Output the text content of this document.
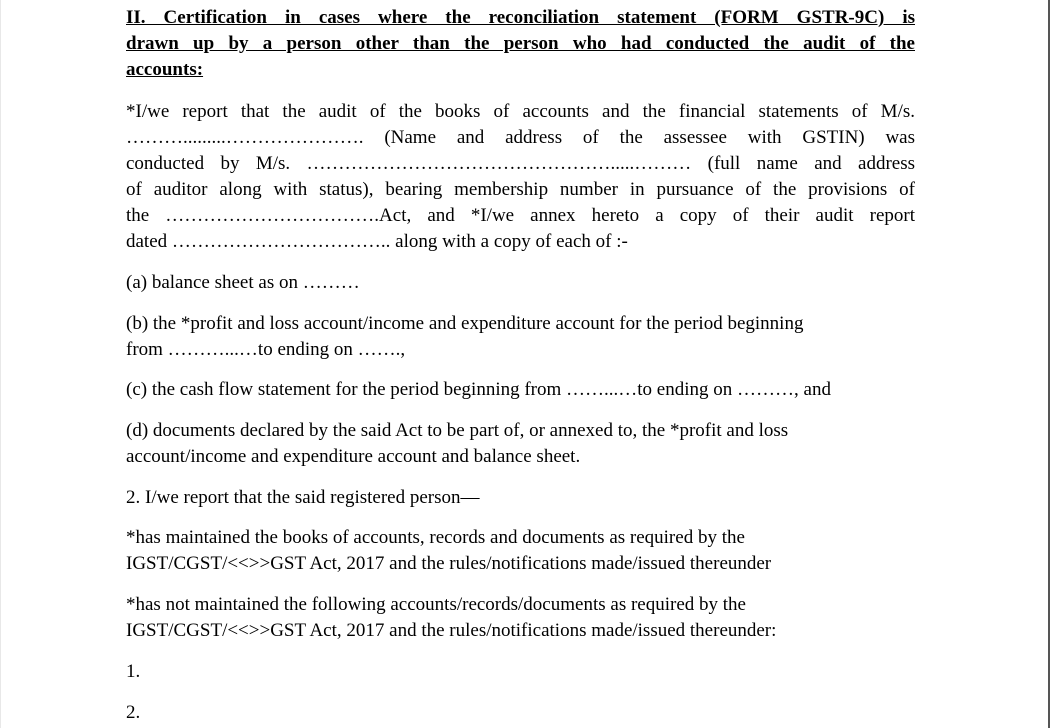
II. Certification in cases where the reconciliation statement (FORM GSTR-9C) is
drawn up by a person other than the person who had conducted the audit of the
accounts:
*I/we report that the audit of the books of accounts and the financial statements of M/s.
……….........…………………. (Name and address of the assessee with GSTIN) was
conducted by M/s. ………………………………………….....……… (full name and address
of auditor along with status), bearing membership number in pursuance of the provisions of
the …………………………….Act, and *I/we annex hereto a copy of their audit report
dated …………………………….. along with a copy of each of :-
(a) balance sheet as on ………
(b) the *profit and loss account/income and expenditure account for the period beginning
from ………...…to ending on …….,
(c) the cash flow statement for the period beginning from ……...…to ending on ………, and
(d) documents declared by the said Act to be part of, or annexed to, the *profit and loss
account/income and expenditure account and balance sheet.
2. I/we report that the said registered person—
*has maintained the books of accounts, records and documents as required by the
IGST/CGST/<<>>GST Act, 2017 and the rules/notifications made/issued thereunder
*has not maintained the following accounts/records/documents as required by the
IGST/CGST/<<>>GST Act, 2017 and the rules/notifications made/issued thereunder:
1.
2.
